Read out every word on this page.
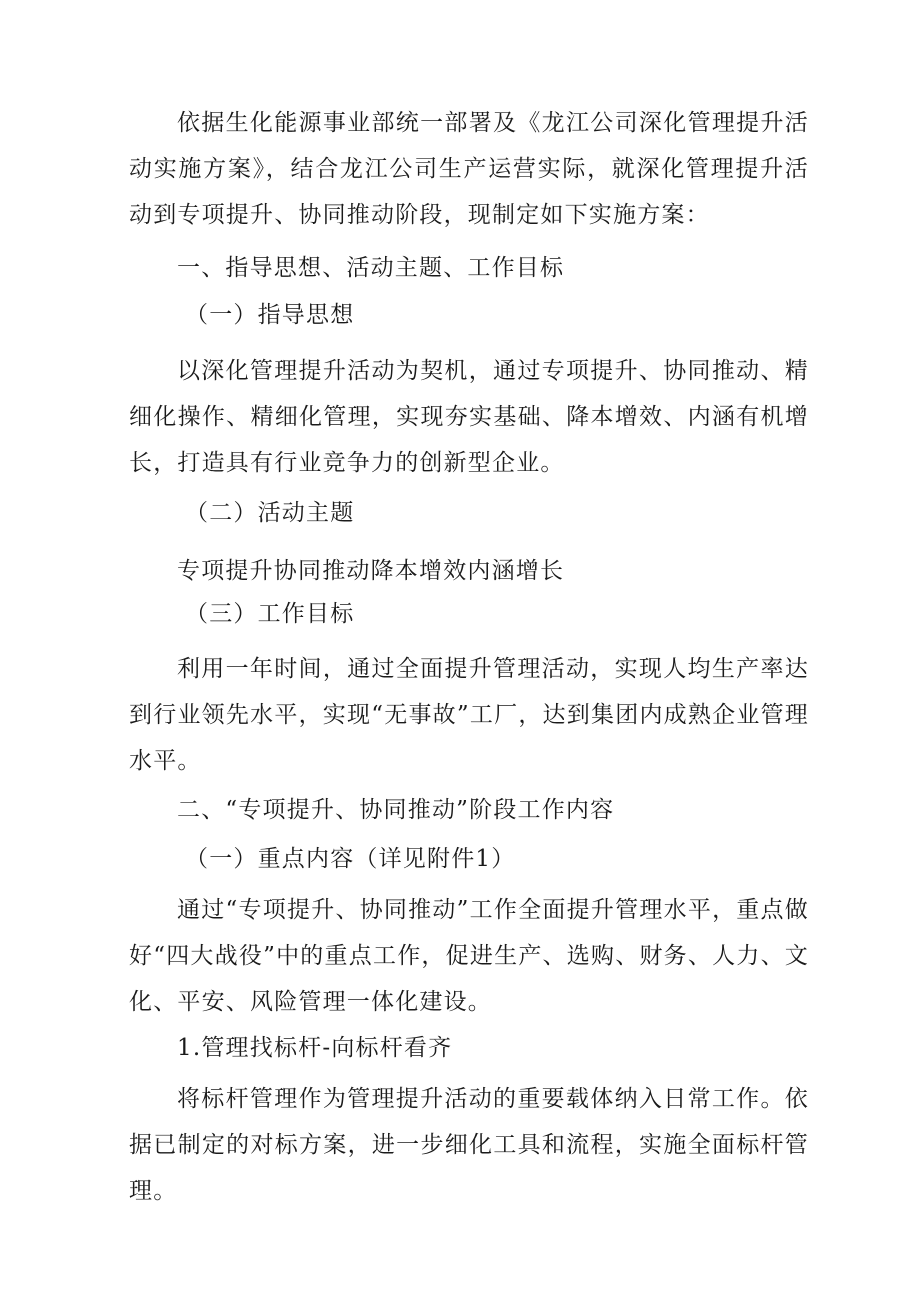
依据生化能源事业部统一部署及《龙江公司深化管理提升活动实施方案》，结合龙江公司生产运营实际，就深化管理提升活动到专项提升、协同推动阶段，现制定如下实施方案：
一、指导思想、活动主题、工作目标
（一）指导思想
以深化管理提升活动为契机，通过专项提升、协同推动、精细化操作、精细化管理，实现夯实基础、降本增效、内涵有机增长，打造具有行业竞争力的创新型企业。
（二）活动主题
专项提升协同推动降本增效内涵增长
（三）工作目标
利用一年时间，通过全面提升管理活动，实现人均生产率达到行业领先水平，实现“无事故”工厂，达到集团内成熟企业管理水平。
二、“专项提升、协同推动”阶段工作内容
（一）重点内容（详见附件1）
通过“专项提升、协同推动”工作全面提升管理水平，重点做好“四大战役”中的重点工作，促进生产、选购、财务、人力、文化、平安、风险管理一体化建设。
1.管理找标杆-向标杆看齐
将标杆管理作为管理提升活动的重要载体纳入日常工作。依据已制定的对标方案，进一步细化工具和流程，实施全面标杆管理。
